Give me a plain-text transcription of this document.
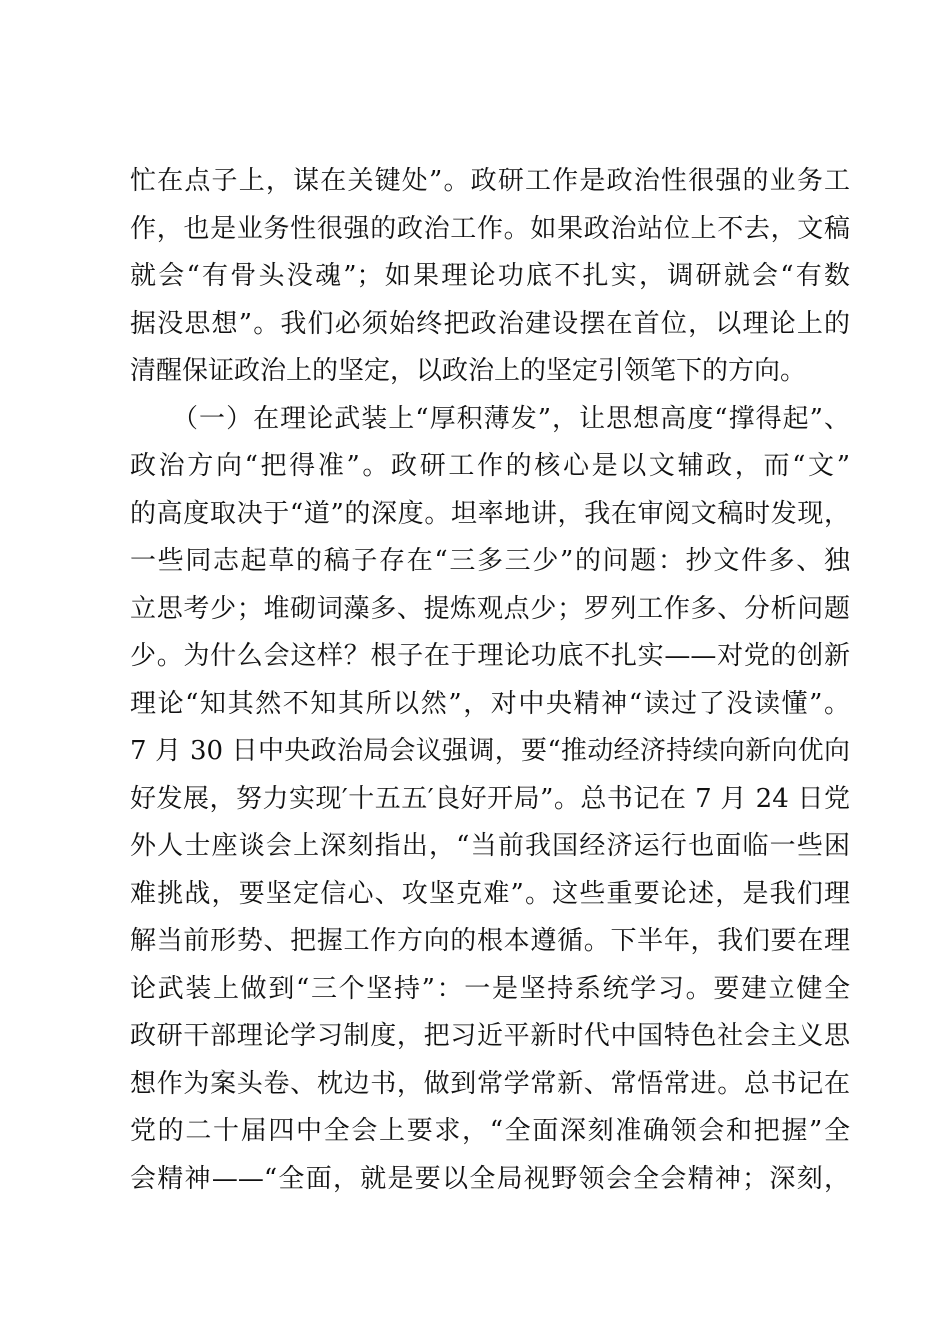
忙在点子上，谋在关键处”。政研工作是政治性很强的业务工
作，也是业务性很强的政治工作。如果政治站位上不去，文稿
就会“有骨头没魂”；如果理论功底不扎实，调研就会“有数
据没思想”。我们必须始终把政治建设摆在首位，以理论上的
清醒保证政治上的坚定，以政治上的坚定引领笔下的方向。
（一）在理论武装上“厚积薄发”，让思想高度“撑得起”、
政治方向“把得准”。政研工作的核心是以文辅政，而“文”
的高度取决于“道”的深度。坦率地讲，我在审阅文稿时发现，
一些同志起草的稿子存在“三多三少”的问题：抄文件多、独
立思考少；堆砌词藻多、提炼观点少；罗列工作多、分析问题
少。为什么会这样？根子在于理论功底不扎实——对党的创新
理论“知其然不知其所以然”，对中央精神“读过了没读懂”。
7 月 30 日中央政治局会议强调，要“推动经济持续向新向优向
好发展，努力实现′十五五′良好开局”。总书记在 7 月 24 日党
外人士座谈会上深刻指出，“当前我国经济运行也面临一些困
难挑战，要坚定信心、攻坚克难”。这些重要论述，是我们理
解当前形势、把握工作方向的根本遵循。下半年，我们要在理
论武装上做到“三个坚持”：一是坚持系统学习。要建立健全
政研干部理论学习制度，把习近平新时代中国特色社会主义思
想作为案头卷、枕边书，做到常学常新、常悟常进。总书记在
党的二十届四中全会上要求，“全面深刻准确领会和把握”全
会精神——“全面，就是要以全局视野领会全会精神；深刻，
